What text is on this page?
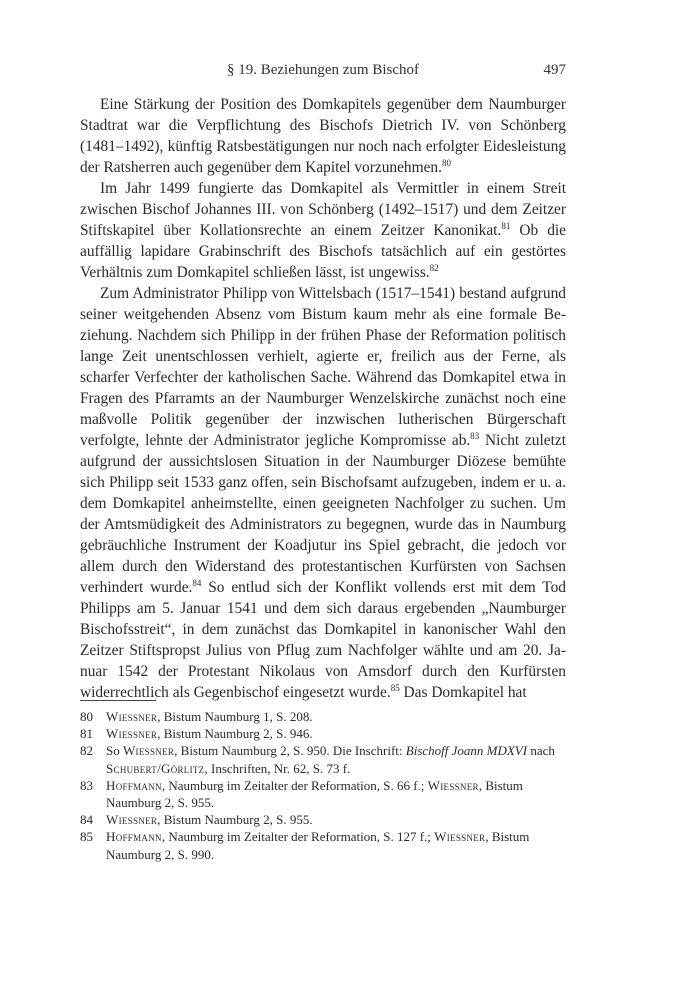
§ 19. Beziehungen zum Bischof	497

Eine Stärkung der Position des Domkapitels gegenüber dem Naumburger Stadtrat war die Verpflichtung des Bischofs Dietrich IV. von Schönberg (1481–1492), künftig Ratsbestätigungen nur noch nach erfolgter Eidesleistung der Ratsherren auch gegenüber dem Kapitel vorzunehmen.$^{80}$

Im Jahr 1499 fungierte das Domkapitel als Vermittler in einem Streit zwischen Bischof Johannes III. von Schönberg (1492–1517) und dem Zeitzer Stiftskapitel über Kollationsrechte an einem Zeitzer Kanonikat.$^{81}$ Ob die auffällig lapidare Grabinschrift des Bischofs tatsächlich auf ein gestörtes Verhältnis zum Domkapitel schließen lässt, ist ungewiss.$^{82}$

Zum Administrator Philipp von Wittelsbach (1517–1541) bestand aufgrund seiner weitgehenden Absenz vom Bistum kaum mehr als eine formale Beziehung. Nachdem sich Philipp in der frühen Phase der Reformation politisch lange Zeit unentschlossen verhielt, agierte er, freilich aus der Ferne, als scharfer Verfechter der katholischen Sache. Während das Domkapitel etwa in Fragen des Pfarramts an der Naumburger Wenzelskirche zunächst noch eine maßvolle Politik gegenüber der inzwischen lutherischen Bürgerschaft verfolgte, lehnte der Administrator jegliche Kompromisse ab.$^{83}$ Nicht zuletzt aufgrund der aussichtslosen Situation in der Naumburger Diözese bemühte sich Philipp seit 1533 ganz offen, sein Bischofsamt aufzugeben, indem er u. a. dem Domkapitel anheimstellte, einen geeigneten Nachfolger zu suchen. Um der Amtsmüdigkeit des Administrators zu begegnen, wurde das in Naumburg gebräuchliche Instrument der Koadjutur ins Spiel gebracht, die jedoch vor allem durch den Widerstand des protestantischen Kurfürsten von Sachsen verhindert wurde.$^{84}$ So entlud sich der Konflikt vollends erst mit dem Tod Philipps am 5. Januar 1541 und dem sich daraus ergebenden „Naumburger Bischofsstreit“, in dem zunächst das Domkapitel in kanonischer Wahl den Zeitzer Stiftspropst Julius von Pflug zum Nachfolger wählte und am 20. Januar 1542 der Protestant Nikolaus von Amsdorf durch den Kurfürsten widerrechtlich als Gegenbischof eingesetzt wurde.$^{85}$ Das Domkapitel hat

80	Wiessner, Bistum Naumburg 1, S. 208.
81	Wiessner, Bistum Naumburg 2, S. 946.
82	So Wiessner, Bistum Naumburg 2, S. 950. Die Inschrift: Bischoff Joann MDXVI nach Schubert/Görlitz, Inschriften, Nr. 62, S. 73 f.
83	Hoffmann, Naumburg im Zeitalter der Reformation, S. 66 f.; Wiessner, Bistum Naumburg 2, S. 955.
84	Wiessner, Bistum Naumburg 2, S. 955.
85	Hoffmann, Naumburg im Zeitalter der Reformation, S. 127 f.; Wiessner, Bistum Naumburg 2, S. 990.
